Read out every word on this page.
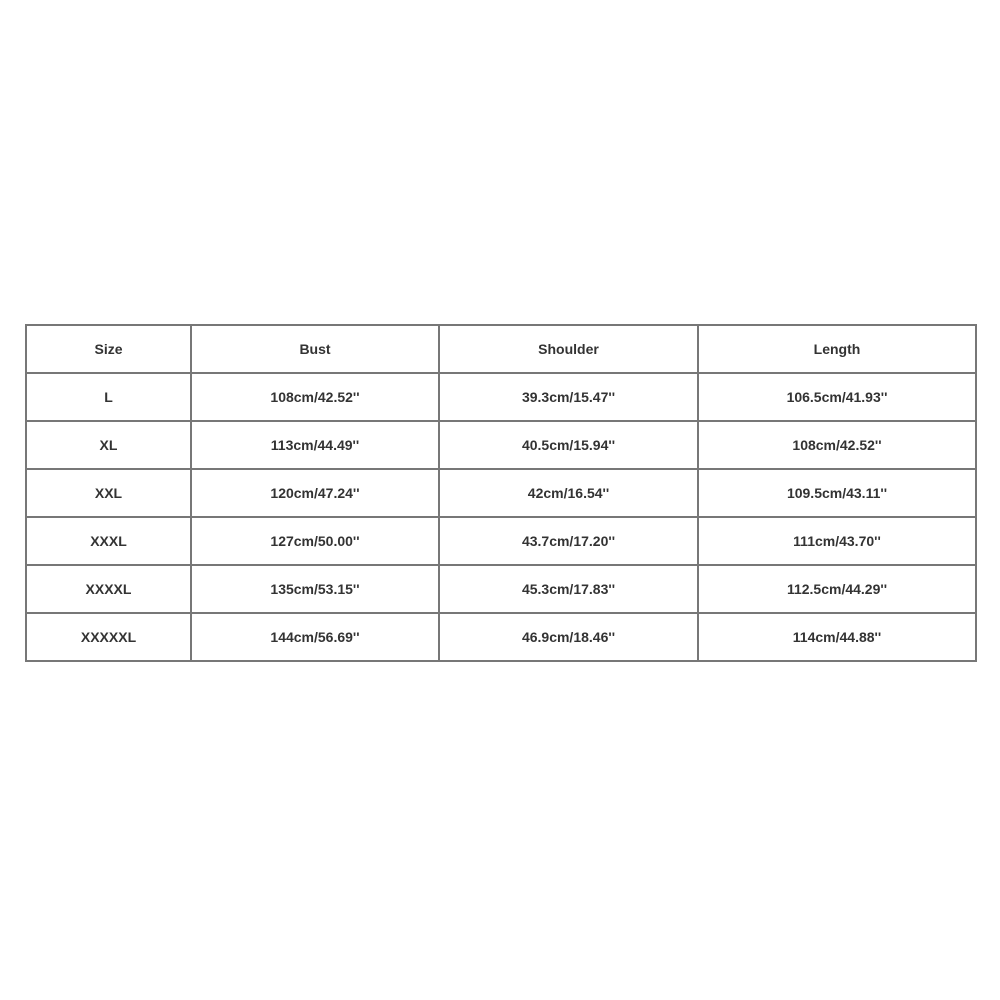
Size	Bust	Shoulder	Length
L	108cm/42.52''	39.3cm/15.47''	106.5cm/41.93''
XL	113cm/44.49''	40.5cm/15.94''	108cm/42.52''
XXL	120cm/47.24''	42cm/16.54''	109.5cm/43.11''
XXXL	127cm/50.00''	43.7cm/17.20''	111cm/43.70''
XXXXL	135cm/53.15''	45.3cm/17.83''	112.5cm/44.29''
XXXXXL	144cm/56.69''	46.9cm/18.46''	114cm/44.88''
